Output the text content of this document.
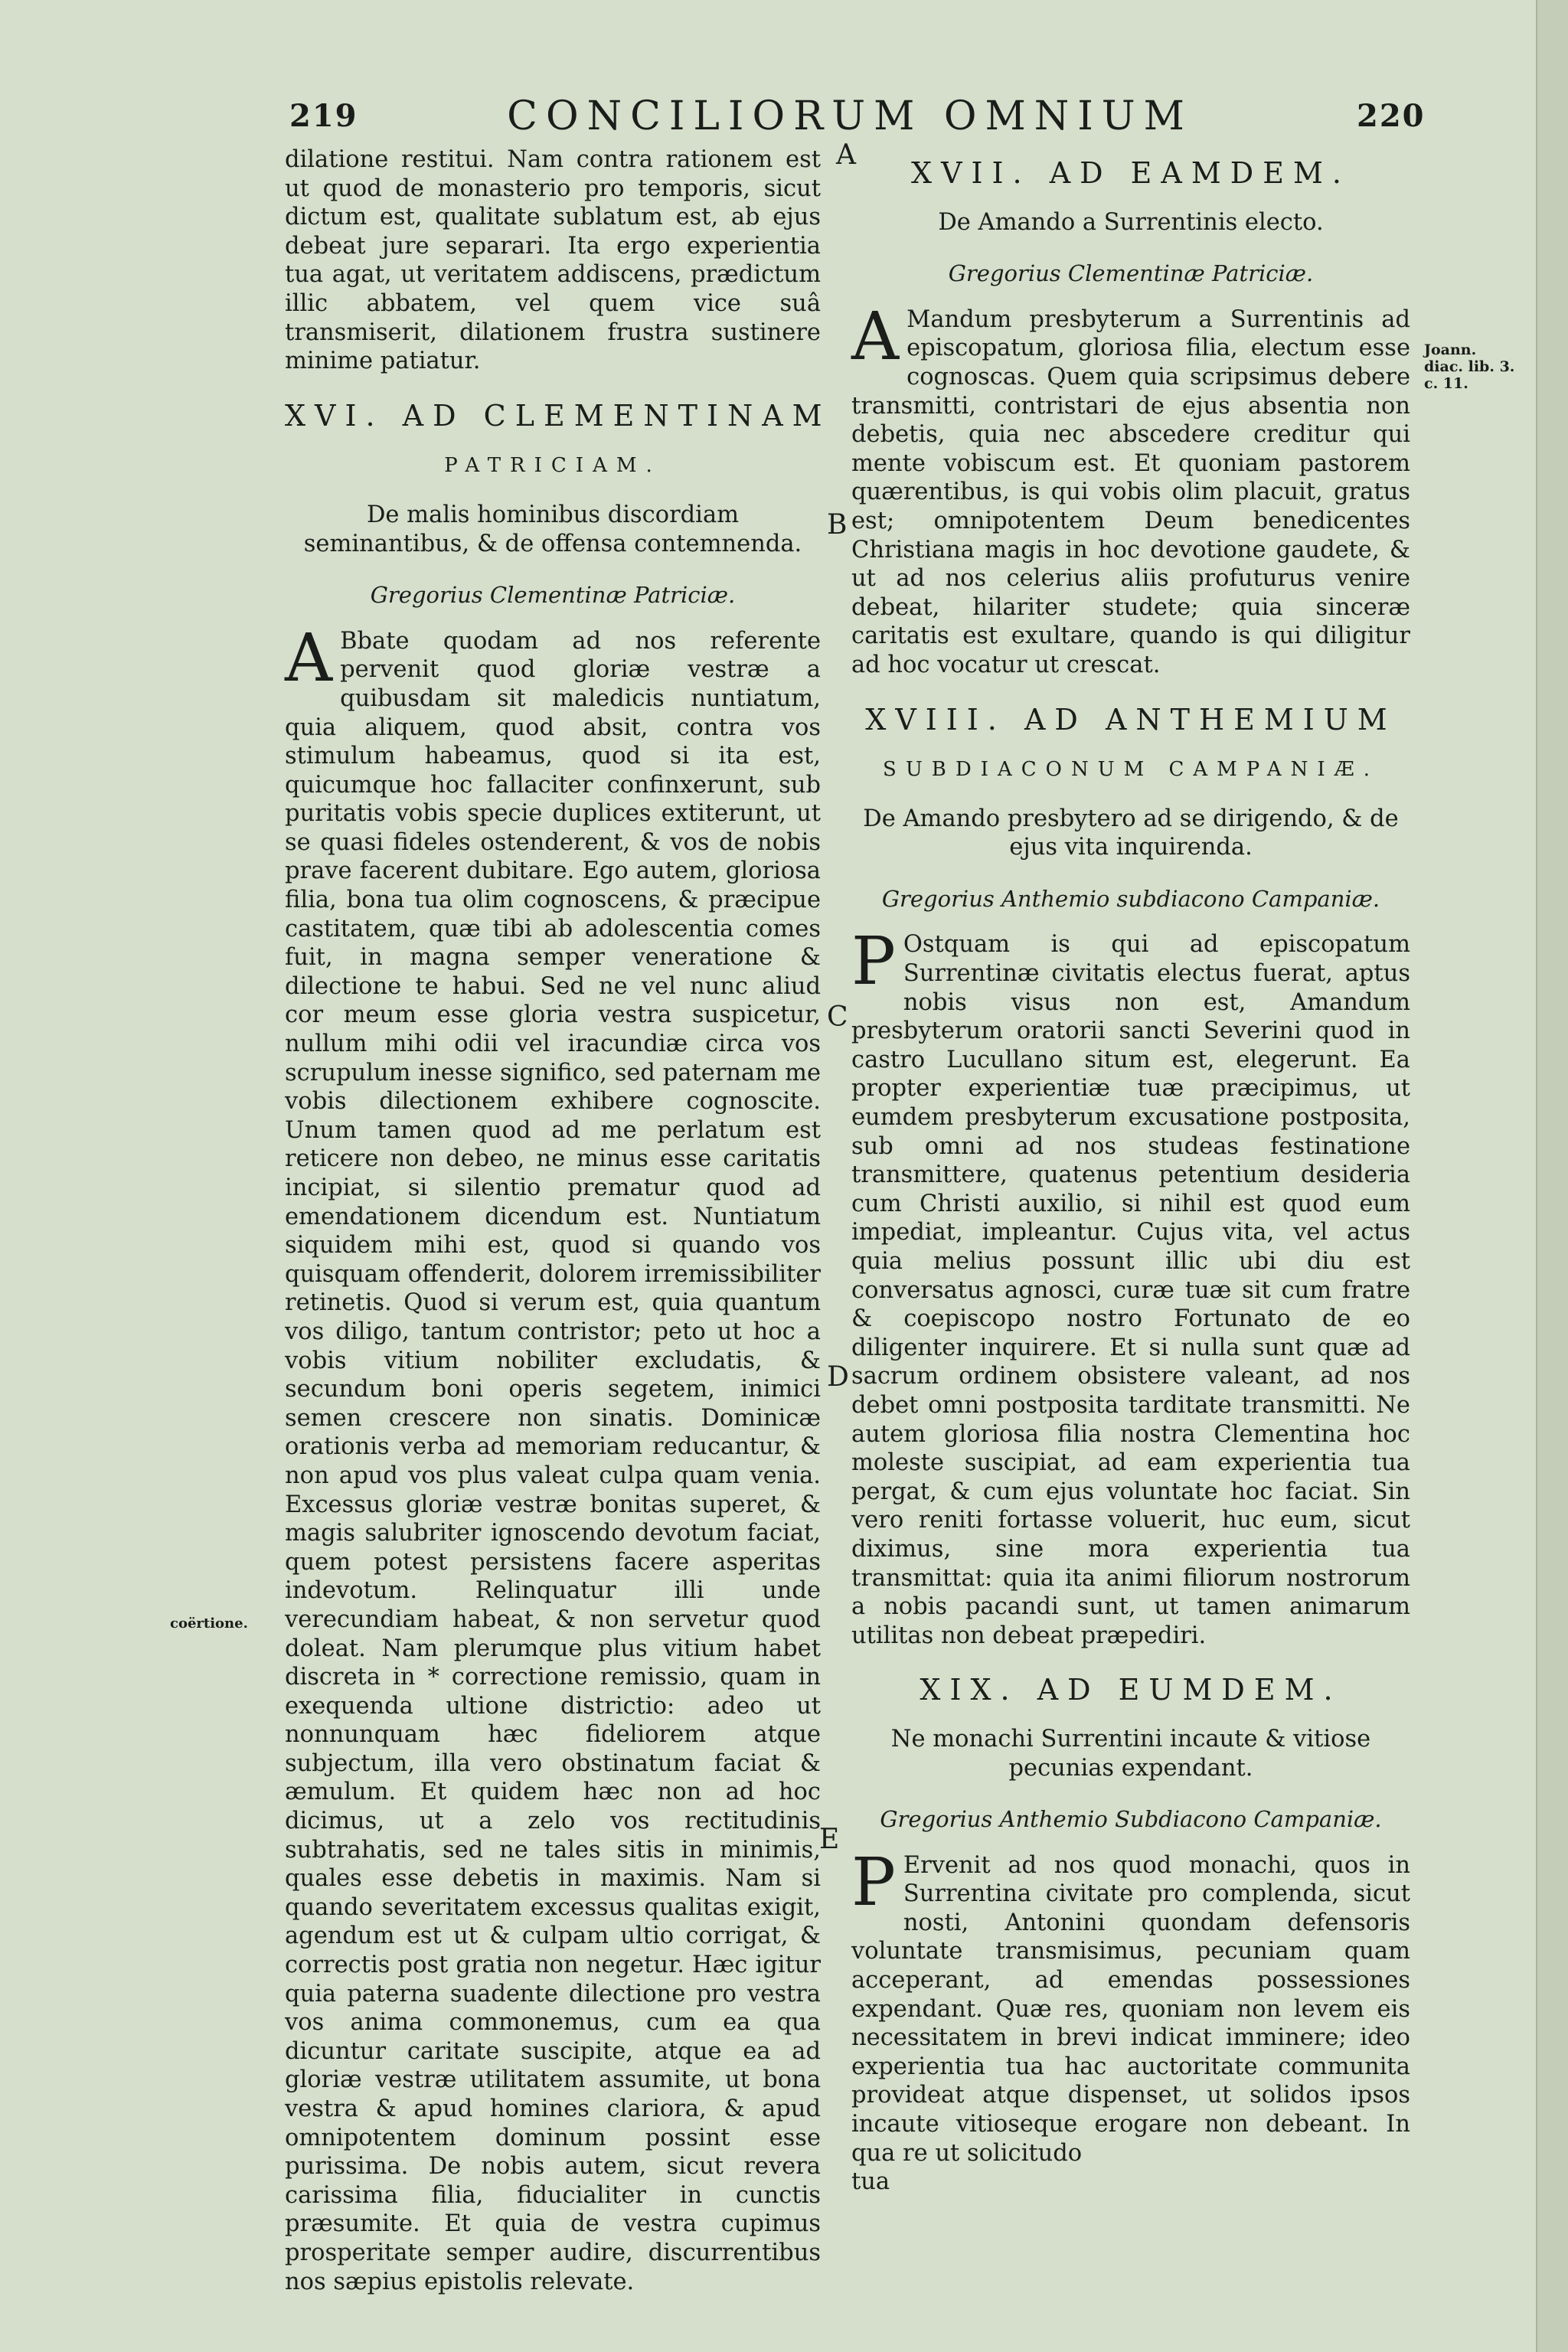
219	CONCILIORUM OMNIUM	220

dilatione restitui. Nam contra rationem est ut quod de monasterio pro temporis, sicut dictum est, qualitate sublatum est, ab ejus debeat jure separari. Ita ergo experientia tua agat, ut veritatem addiscens, prædictum illic abbatem, vel quem vice suâ transmiserit, dilationem frustra sustinere minime patiatur.

XVI. AD CLEMENTINAM
PATRICIAM.
De malis hominibus discordiam seminantibus, & de offensa contemnenda.
Gregorius Clementinæ Patriciæ.

A Bbate quodam ad nos referente pervenit quod gloriæ vestræ a quibusdam sit maledicis nuntiatum, quia aliquem, quod absit, contra vos stimulum habeamus, quod si ita est, quicumque hoc fallaciter confinxerunt, sub puritatis vobis specie duplices extiterunt, ut se quasi fideles ostenderent, & vos de nobis prave facerent dubitare. Ego autem, gloriosa filia, bona tua olim cognoscens, & præcipue castitatem, quæ tibi ab adolescentia comes fuit, in magna semper veneratione & dilectione te habui. Sed ne vel nunc aliud cor meum esse gloria vestra suspicetur, nullum mihi odii vel iracundiæ circa vos scrupulum inesse significo, sed paternam me vobis dilectionem exhibere cognoscite. Unum tamen quod ad me perlatum est reticere non debeo, ne minus esse caritatis incipiat, si silentio prematur quod ad emendationem dicendum est. Nuntiatum siquidem mihi est, quod si quando vos quisquam offenderit, dolorem irremissibiliter retinetis. Quod si verum est, quia quantum vos diligo, tantum contristor; peto ut hoc a vobis vitium nobiliter excludatis, & secundum boni operis segetem, inimici semen crescere non sinatis. Dominicæ orationis verba ad memoriam reducantur, & non apud vos plus valeat culpa quam venia. Excessus gloriæ vestræ bonitas superet, & magis salubriter ignoscendo devotum faciat, quem potest persistens facere asperitas indevotum. Relinquatur illi unde verecundiam habeat, & non servetur quod doleat. Nam plerumque plus vitium habet discreta in * correctione remissio, quam in exequenda ultione districtio: adeo ut nonnunquam hæc fideliorem atque subjectum, illa vero obstinatum faciat & æmulum. Et quidem hæc non ad hoc dicimus, ut a zelo vos rectitudinis subtrahatis, sed ne tales sitis in minimis, quales esse debetis in maximis. Nam si quando severitatem excessus qualitas exigit, agendum est ut & culpam ultio corrigat, & correctis post gratia non negetur. Hæc igitur quia paterna suadente dilectione pro vestra vos anima commonemus, cum ea qua dicuntur caritate suscipite, atque ea ad gloriæ vestræ utilitatem assumite, ut bona vestra & apud homines clariora, & apud omnipotentem dominum possint esse purissima. De nobis autem, sicut revera carissima filia, fiducialiter in cunctis præsumite. Et quia de vestra cupimus prosperitate semper audire, discurrentibus nos sæpius epistolis relevate.

XVII. AD EAMDEM.
De Amando a Surrentinis electo.
Gregorius Clementinæ Patriciæ.

A Mandum presbyterum a Surrentinis ad episcopatum, gloriosa filia, electum esse cognoscas. Quem quia scripsimus debere transmitti, contristari de ejus absentia non debetis, quia nec abscedere creditur qui mente vobiscum est. Et quoniam pastorem quærentibus, is qui vobis olim placuit, gratus est; omnipotentem Deum benedicentes Christiana magis in hoc devotione gaudete, & ut ad nos celerius aliis profuturus venire debeat, hilariter studete; quia sinceræ caritatis est exultare, quando is qui diligitur ad hoc vocatur ut crescat.

XVIII. AD ANTHEMIUM
SUBDIACONUM CAMPANIÆ.
De Amando presbytero ad se dirigendo, & de ejus vita inquirenda.
Gregorius Anthemio subdiacono Campaniæ.

P Ostquam is qui ad episcopatum Surrentinæ civitatis electus fuerat, aptus nobis visus non est, Amandum presbyterum oratorii sancti Severini quod in castro Lucullano situm est, elegerunt. Ea propter experientiæ tuæ præcipimus, ut eumdem presbyterum excusatione postposita, sub omni ad nos studeas festinatione transmittere, quatenus petentium desideria cum Christi auxilio, si nihil est quod eum impediat, impleantur. Cujus vita, vel actus quia melius possunt illic ubi diu est conversatus agnosci, curæ tuæ sit cum fratre & coepiscopo nostro Fortunato de eo diligenter inquirere. Et si nulla sunt quæ ad sacrum ordinem obsistere valeant, ad nos debet omni postposita tarditate transmitti. Ne autem gloriosa filia nostra Clementina hoc moleste suscipiat, ad eam experientia tua pergat, & cum ejus voluntate hoc faciat. Sin vero reniti fortasse voluerit, huc eum, sicut diximus, sine mora experientia tua transmittat: quia ita animi filiorum nostrorum a nobis pacandi sunt, ut tamen animarum utilitas non debeat præpediri.

XIX. AD EUMDEM.
Ne monachi Surrentini incaute & vitiose pecunias expendant.
Gregorius Anthemio Subdiacono Campaniæ.

P Ervenit ad nos quod monachi, quos in Surrentina civitate pro complenda, sicut nosti, Antonini quondam defensoris voluntate transmisimus, pecuniam quam acceperant, ad emendas possessiones expendant. Quæ res, quoniam non levem eis necessitatem in brevi indicat imminere; ideo experientia tua hac auctoritate communita provideat atque dispenset, ut solidos ipsos incaute vitioseque erogare non debeant. In qua re ut solicitudo

tua

A
B
C
D
E
Joann. diac. lib. 3. c. 11.
coërtione.
